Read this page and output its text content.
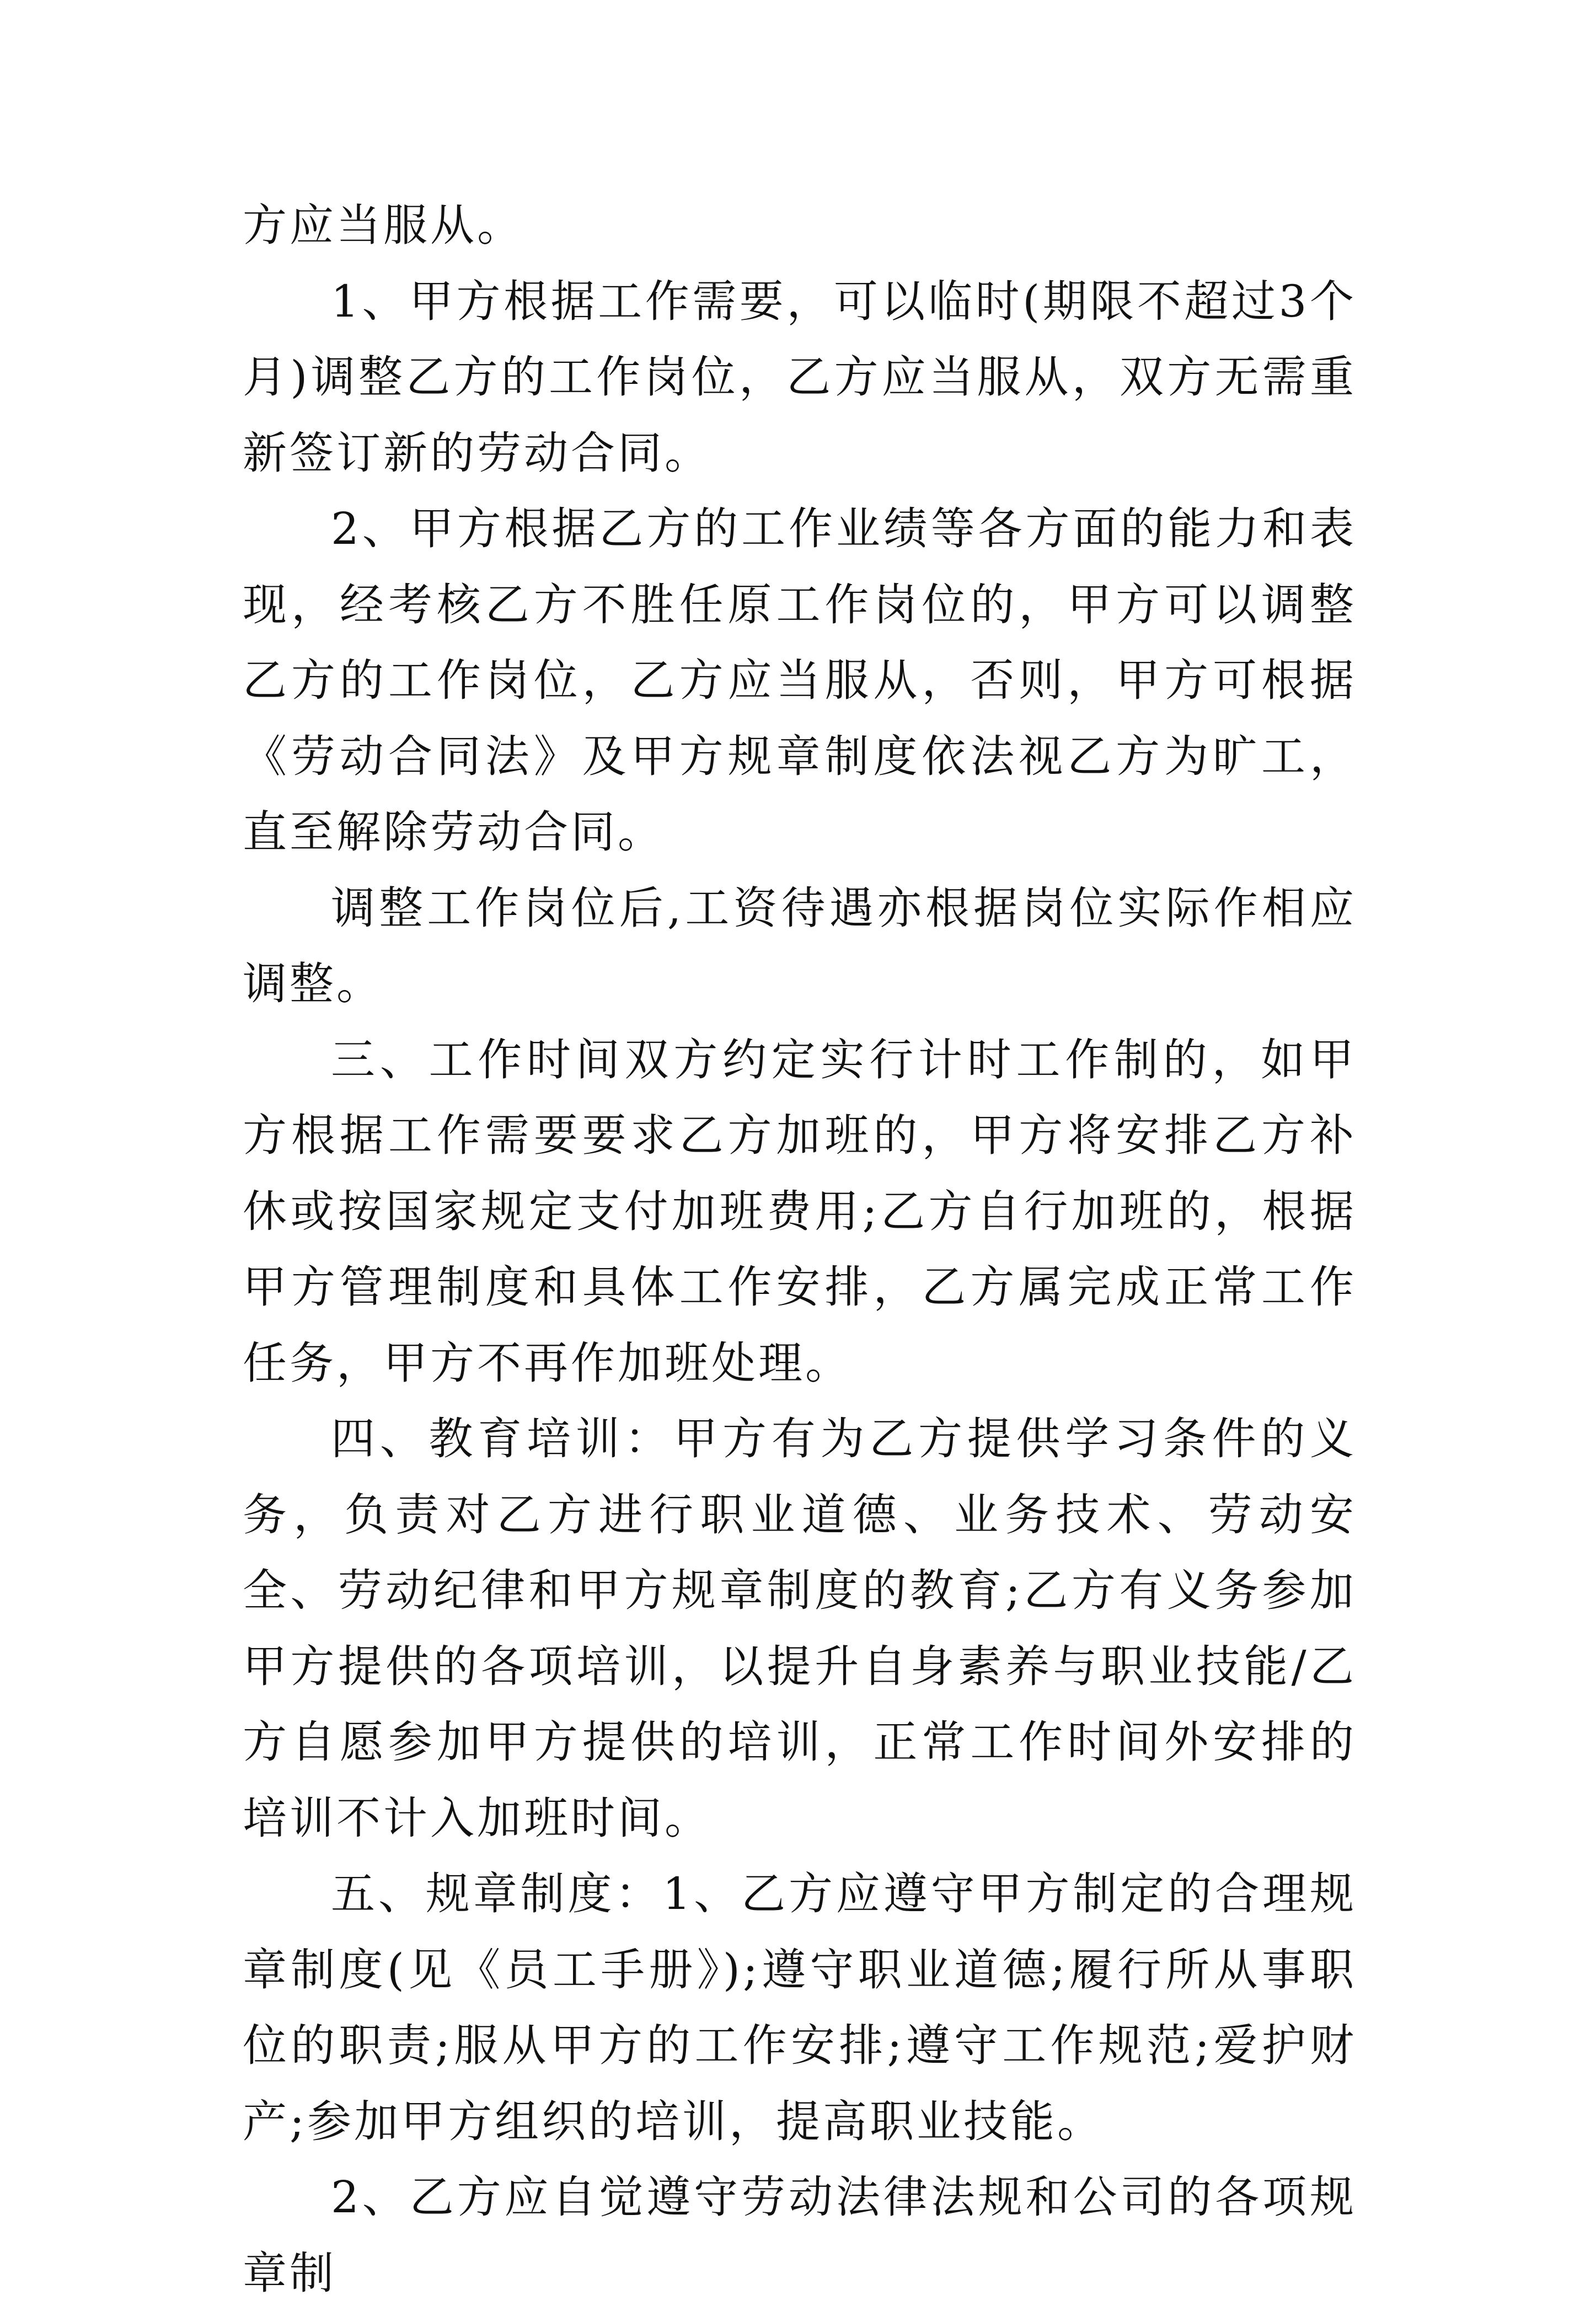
方应当服从。

1、甲方根据工作需要，可以临时(期限不超过3个月)调整乙方的工作岗位，乙方应当服从，双方无需重新签订新的劳动合同。

2、甲方根据乙方的工作业绩等各方面的能力和表现，经考核乙方不胜任原工作岗位的，甲方可以调整乙方的工作岗位，乙方应当服从，否则，甲方可根据《劳动合同法》及甲方规章制度依法视乙方为旷工，直至解除劳动合同。

调整工作岗位后,工资待遇亦根据岗位实际作相应调整。

三、工作时间双方约定实行计时工作制的，如甲方根据工作需要要求乙方加班的，甲方将安排乙方补休或按国家规定支付加班费用;乙方自行加班的，根据甲方管理制度和具体工作安排，乙方属完成正常工作任务，甲方不再作加班处理。

四、教育培训：甲方有为乙方提供学习条件的义务，负责对乙方进行职业道德、业务技术、劳动安全、劳动纪律和甲方规章制度的教育;乙方有义务参加甲方提供的各项培训，以提升自身素养与职业技能/乙方自愿参加甲方提供的培训，正常工作时间外安排的培训不计入加班时间。

五、规章制度：1、乙方应遵守甲方制定的合理规章制度(见《员工手册》);遵守职业道德;履行所从事职位的职责;服从甲方的工作安排;遵守工作规范;爱护财产;参加甲方组织的培训，提高职业技能。

2、乙方应自觉遵守劳动法律法规和公司的各项规章制
